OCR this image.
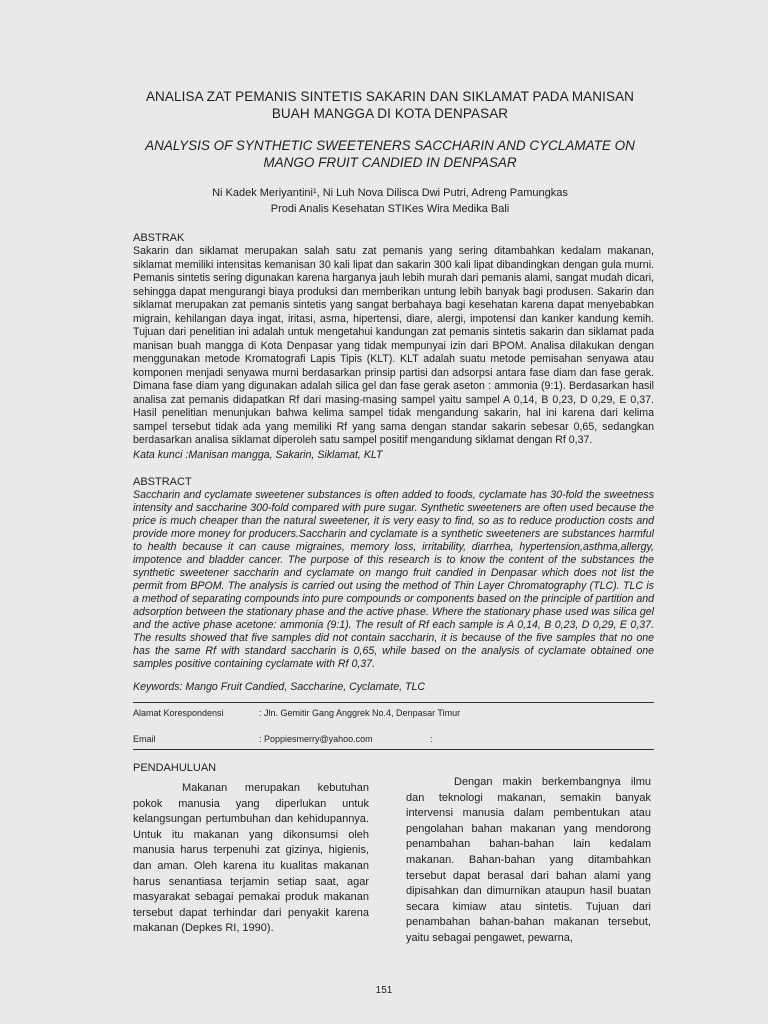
ANALISA ZAT PEMANIS SINTETIS SAKARIN DAN SIKLAMAT PADA MANISAN BUAH MANGGA DI KOTA DENPASAR
ANALYSIS OF SYNTHETIC SWEETENERS SACCHARIN AND CYCLAMATE ON MANGO FRUIT CANDIED IN DENPASAR
Ni Kadek Meriyantini¹, Ni Luh Nova Dilisca Dwi Putri, Adreng Pamungkas
Prodi Analis Kesehatan STIKes Wira Medika Bali
ABSTRAK

Sakarin dan siklamat merupakan salah satu zat pemanis yang sering ditambahkan kedalam makanan, siklamat memiliki intensitas kemanisan 30 kali lipat dan sakarin 300 kali lipat dibandingkan dengan gula murni. Pemanis sintetis sering digunakan karena harganya jauh lebih murah dari pemanis alami, sangat mudah dicari, sehingga dapat mengurangi biaya produksi dan memberikan untung lebih banyak bagi produsen. Sakarin dan siklamat merupakan zat pemanis sintetis yang sangat berbahaya bagi kesehatan karena dapat menyebabkan migrain, kehilangan daya ingat, iritasi, asma, hipertensi, diare, alergi, impotensi dan kanker kandung kemih. Tujuan dari penelitian ini adalah untuk mengetahui kandungan zat pemanis sintetis sakarin dan siklamat pada manisan buah mangga di Kota Denpasar yang tidak mempunyai izin dari BPOM. Analisa dilakukan dengan menggunakan metode Kromatografi Lapis Tipis (KLT). KLT adalah suatu metode pemisahan senyawa atau komponen menjadi senyawa murni berdasarkan prinsip partisi dan adsorpsi antara fase diam dan fase gerak. Dimana fase diam yang digunakan adalah silica gel dan fase gerak aseton : ammonia (9:1). Berdasarkan hasil analisa zat pemanis didapatkan Rf dari masing-masing sampel yaitu sampel A 0,14, B 0,23, D 0,29, E 0,37. Hasil penelitian menunjukan bahwa kelima sampel tidak mengandung sakarin, hal ini karena dari kelima sampel tersebut tidak ada yang memiliki Rf yang sama dengan standar sakarin sebesar 0,65, sedangkan berdasarkan analisa siklamat diperoleh satu sampel positif mengandung siklamat dengan Rf 0,37.

Kata kunci :Manisan mangga, Sakarin, Siklamat, KLT
ABSTRACT

Saccharin and cyclamate sweetener substances is often added to foods, cyclamate has 30-fold the sweetness intensity and saccharine 300-fold compared with pure sugar. Synthetic sweeteners are often used because the price is much cheaper than the natural sweetener, it is very easy to find, so as to reduce production costs and provide more money for producers.Saccharin and cyclamate is a synthetic sweeteners are substances harmful to health because it can cause migraines, memory loss, irritability, diarrhea, hypertension,asthma,allergy, impotence and bladder cancer. The purpose of this research is to know the content of the substances the synthetic sweetener saccharin and cyclamate on mango fruit candied in Denpasar which does not list the permit from BPOM. The analysis is carried out using the method of Thin Layer Chromatography (TLC). TLC is a method of separating compounds into pure compounds or components based on the principle of partition and adsorption between the stationary phase and the active phase. Where the stationary phase used was silica gel and the active phase acetone: ammonia (9:1). The result of Rf each sample is A 0,14, B 0,23, D 0,29, E 0,37. The results showed that five samples did not contain saccharin, it is because of the five samples that no one has the same Rf with standard saccharin is 0,65, while based on the analysis of cyclamate obtained one samples positive containing cyclamate with Rf 0,37.

Keywords: Mango Fruit Candied, Saccharine, Cyclamate, TLC
Alamat Korespondensi	: Jln. Gemitir Gang Anggrek No.4, Denpasar Timur
Email	: Poppiesmerry@yahoo.com	:
PENDAHULUAN

Makanan merupakan kebutuhan pokok manusia yang diperlukan untuk kelangsungan pertumbuhan dan kehidupannya. Untuk itu makanan yang dikonsumsi oleh manusia harus terpenuhi zat gizinya, higienis, dan aman. Oleh karena itu kualitas makanan harus senantiasa terjamin setiap saat, agar masyarakat sebagai pemakai produk makanan tersebut dapat terhindar dari penyakit karena makanan (Depkes RI, 1990).

Dengan makin berkembangnya ilmu dan teknologi makanan, semakin banyak intervensi manusia dalam pembentukan atau pengolahan bahan makanan yang mendorong penambahan bahan-bahan lain kedalam makanan. Bahan-bahan yang ditambahkan tersebut dapat berasal dari bahan alami yang dipisahkan dan dimurnikan ataupun hasil buatan secara kimiaw atau sintetis. Tujuan dari penambahan bahan-bahan makanan tersebut, yaitu sebagai pengawet, pewarna,

151
